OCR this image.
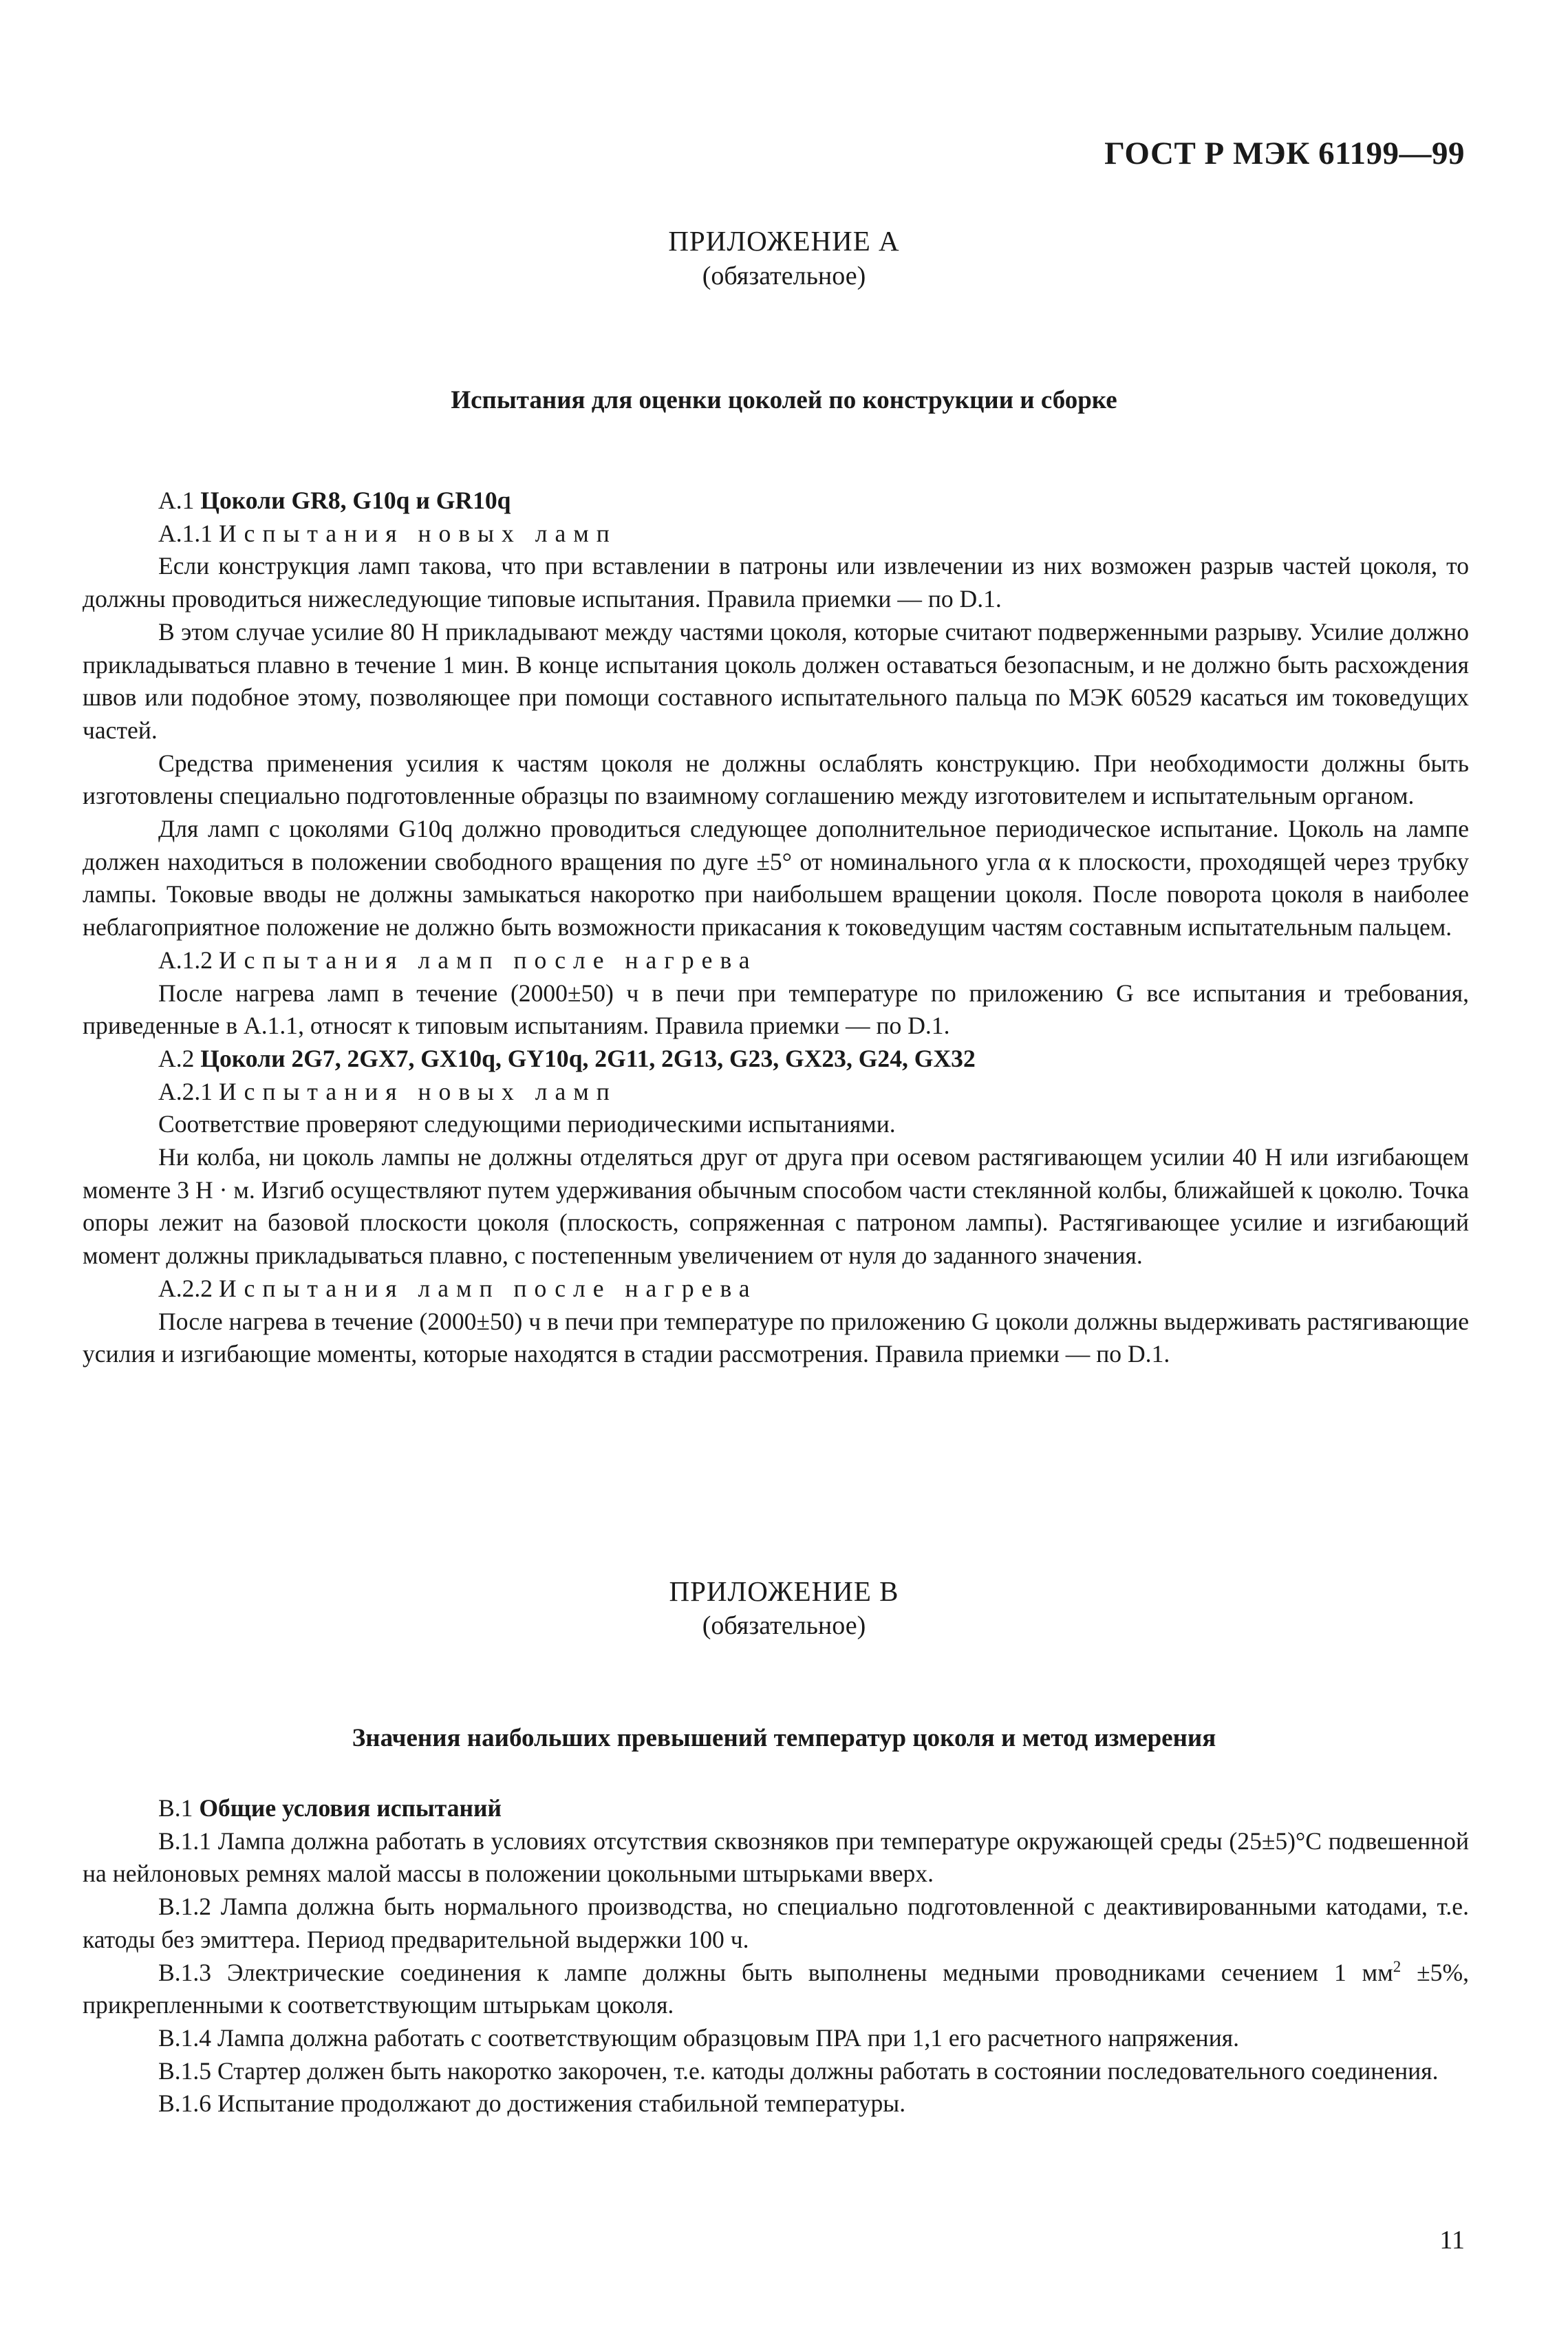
ГОСТ Р МЭК 61199—99
ПРИЛОЖЕНИЕ А
(обязательное)
Испытания для оценки цоколей по конструкции и сборке

А.1 Цоколи GR8, G10q и GR10q

А.1.1 Испытания новых ламп

Если конструкция ламп такова, что при вставлении в патроны или извлечении из них возможен разрыв частей цоколя, то должны проводиться нижеследующие типовые испытания. Правила приемки — по D.1.

В этом случае усилие 80 Н прикладывают между частями цоколя, которые считают подверженными разрыву. Усилие должно прикладываться плавно в течение 1 мин. В конце испытания цоколь должен оставаться безопасным, и не должно быть расхождения швов или подобное этому, позволяющее при помощи составного испытательного пальца по МЭК 60529 касаться им токоведущих частей.

Средства применения усилия к частям цоколя не должны ослаблять конструкцию. При необходимости должны быть изготовлены специально подготовленные образцы по взаимному соглашению между изготовителем и испытательным органом.

Для ламп с цоколями G10q должно проводиться следующее дополнительное периодическое испытание. Цоколь на лампе должен находиться в положении свободного вращения по дуге ±5° от номинального угла α к плоскости, проходящей через трубку лампы. Токовые вводы не должны замыкаться накоротко при наибольшем вращении цоколя. После поворота цоколя в наиболее неблагоприятное положение не должно быть возможности прикасания к токоведущим частям составным испытательным пальцем.

А.1.2 Испытания ламп после нагрева

После нагрева ламп в течение (2000±50) ч в печи при температуре по приложению G все испытания и требования, приведенные в А.1.1, относят к типовым испытаниям. Правила приемки — по D.1.

А.2 Цоколи 2G7, 2GX7, GX10q, GY10q, 2G11, 2G13, G23, GX23, G24, GX32

А.2.1 Испытания новых ламп

Соответствие проверяют следующими периодическими испытаниями.

Ни колба, ни цоколь лампы не должны отделяться друг от друга при осевом растягивающем усилии 40 Н или изгибающем моменте 3 Н · м. Изгиб осуществляют путем удерживания обычным способом части стеклянной колбы, ближайшей к цоколю. Точка опоры лежит на базовой плоскости цоколя (плоскость, сопряженная с патроном лампы). Растягивающее усилие и изгибающий момент должны прикладываться плавно, с постепенным увеличением от нуля до заданного значения.

А.2.2 Испытания ламп после нагрева

После нагрева в течение (2000±50) ч в печи при температуре по приложению G цоколи должны выдерживать растягивающие усилия и изгибающие моменты, которые находятся в стадии рассмотрения. Правила приемки — по D.1.

ПРИЛОЖЕНИЕ В
(обязательное)
Значения наибольших превышений температур цоколя и метод измерения

В.1 Общие условия испытаний

В.1.1 Лампа должна работать в условиях отсутствия сквозняков при температуре окружающей среды (25±5)°С подвешенной на нейлоновых ремнях малой массы в положении цокольными штырьками вверх.

В.1.2 Лампа должна быть нормального производства, но специально подготовленной с деактивированными катодами, т.е. катоды без эмиттера. Период предварительной выдержки 100 ч.

В.1.3 Электрические соединения к лампе должны быть выполнены медными проводниками сечением 1 $мм^2 \pm 5\%$, прикрепленными к соответствующим штырькам цоколя.

В.1.4 Лампа должна работать с соответствующим образцовым ПРА при 1,1 его расчетного напряжения.

В.1.5 Стартер должен быть накоротко закорочен, т.е. катоды должны работать в состоянии последовательного соединения.

В.1.6 Испытание продолжают до достижения стабильной температуры.

11
